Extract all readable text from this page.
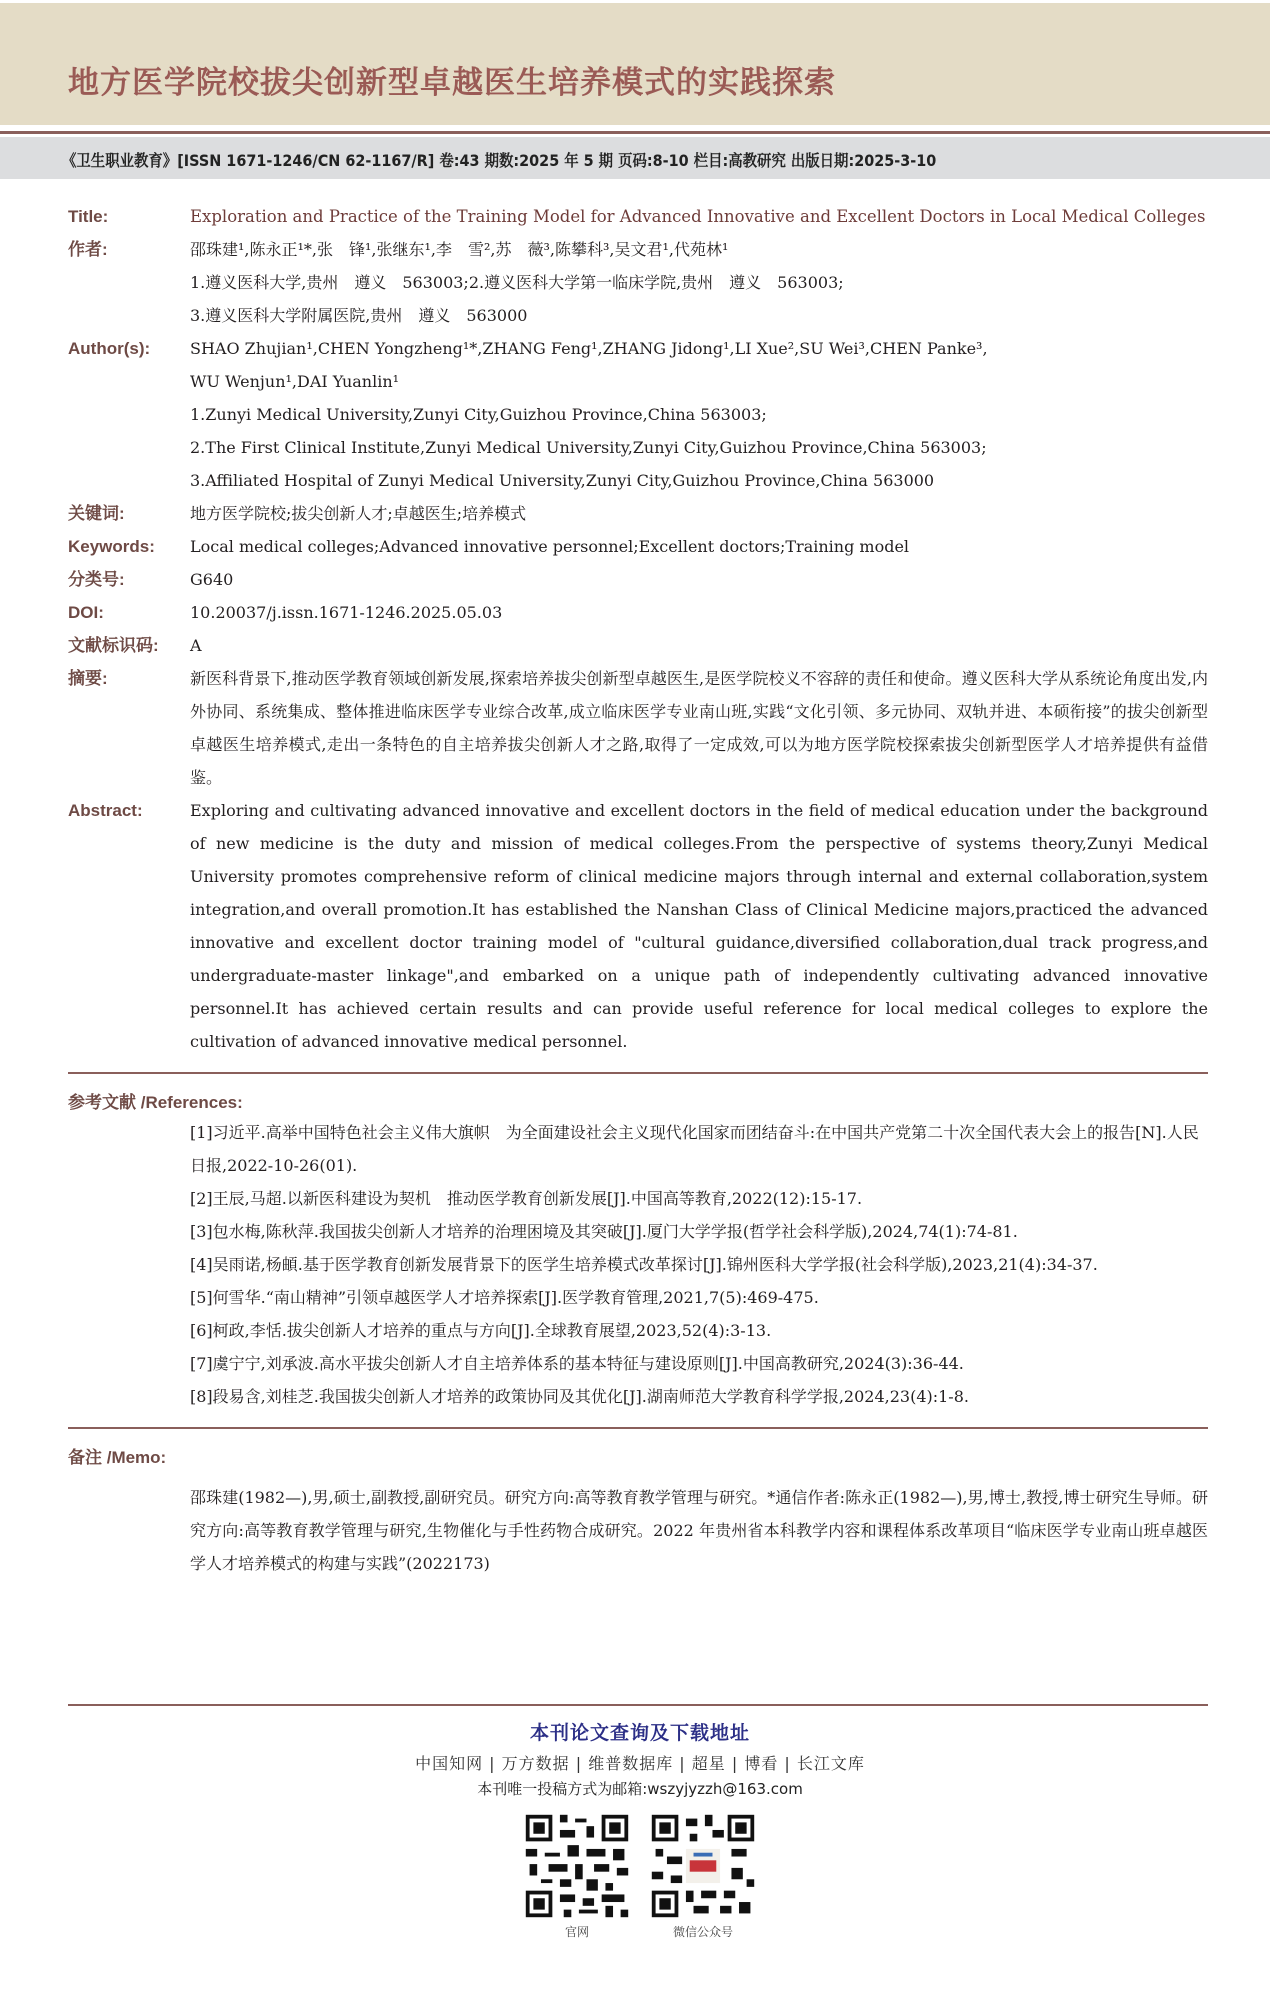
地方医学院校拔尖创新型卓越医生培养模式的实践探索
《卫生职业教育》[ISSN 1671-1246/CN 62-1167/R] 卷:43 期数:2025 年 5 期 页码:8-10 栏目:高教研究 出版日期:2025-3-10
Title:	Exploration and Practice of the Training Model for Advanced Innovative and Excellent Doctors in Local Medical Colleges
作者:	邵珠建¹,陈永正¹*,张　锋¹,张继东¹,李　雪²,苏　薇³,陈攀科³,吴文君¹,代苑林¹
1.遵义医科大学,贵州　遵义　563003;2.遵义医科大学第一临床学院,贵州　遵义　563003;
3.遵义医科大学附属医院,贵州　遵义　563000
Author(s):	SHAO Zhujian¹,CHEN Yongzheng¹*,ZHANG Feng¹,ZHANG Jidong¹,LI Xue²,SU Wei³,CHEN Panke³,
WU Wenjun¹,DAI Yuanlin¹
1.Zunyi Medical University,Zunyi City,Guizhou Province,China 563003;
2.The First Clinical Institute,Zunyi Medical University,Zunyi City,Guizhou Province,China 563003;
3.Affiliated Hospital of Zunyi Medical University,Zunyi City,Guizhou Province,China 563000
关键词:	地方医学院校;拔尖创新人才;卓越医生;培养模式
Keywords:	Local medical colleges;Advanced innovative personnel;Excellent doctors;Training model
分类号:	G640
DOI:	10.20037/j.issn.1671-1246.2025.05.03
文献标识码:	A
摘要:	新医科背景下,推动医学教育领域创新发展,探索培养拔尖创新型卓越医生,是医学院校义不容辞的责任和使命。遵义医科大学从系统论角度出发,内外协同、系统集成、整体推进临床医学专业综合改革,成立临床医学专业南山班,实践“文化引领、多元协同、双轨并进、本硕衔接”的拔尖创新型卓越医生培养模式,走出一条特色的自主培养拔尖创新人才之路,取得了一定成效,可以为地方医学院校探索拔尖创新型医学人才培养提供有益借鉴。
Abstract:	Exploring and cultivating advanced innovative and excellent doctors in the field of medical education under the background of new medicine is the duty and mission of medical colleges.From the perspective of systems theory,Zunyi Medical University promotes comprehensive reform of clinical medicine majors through internal and external collaboration,system integration,and overall promotion.It has established the Nanshan Class of Clinical Medicine majors,practiced the advanced innovative and excellent doctor training model of "cultural guidance,diversified collaboration,dual track progress,and undergraduate-master linkage",and embarked on a unique path of independently cultivating advanced innovative personnel.It has achieved certain results and can provide useful reference for local medical colleges to explore the cultivation of advanced innovative medical personnel.
参考文献 /References:
[1]习近平.高举中国特色社会主义伟大旗帜　为全面建设社会主义现代化国家而团结奋斗:在中国共产党第二十次全国代表大会上的报告[N].人民日报,2022-10-26(01).
[2]王辰,马超.以新医科建设为契机　推动医学教育创新发展[J].中国高等教育,2022(12):15-17.
[3]包水梅,陈秋萍.我国拔尖创新人才培养的治理困境及其突破[J].厦门大学学报(哲学社会科学版),2024,74(1):74-81.
[4]吴雨诺,杨頔.基于医学教育创新发展背景下的医学生培养模式改革探讨[J].锦州医科大学学报(社会科学版),2023,21(4):34-37.
[5]何雪华.“南山精神”引领卓越医学人才培养探索[J].医学教育管理,2021,7(5):469-475.
[6]柯政,李恬.拔尖创新人才培养的重点与方向[J].全球教育展望,2023,52(4):3-13.
[7]虞宁宁,刘承波.高水平拔尖创新人才自主培养体系的基本特征与建设原则[J].中国高教研究,2024(3):36-44.
[8]段易含,刘桂芝.我国拔尖创新人才培养的政策协同及其优化[J].湖南师范大学教育科学学报,2024,23(4):1-8.
备注 /Memo:
邵珠建(1982—),男,硕士,副教授,副研究员。研究方向:高等教育教学管理与研究。*通信作者:陈永正(1982—),男,博士,教授,博士研究生导师。研究方向:高等教育教学管理与研究,生物催化与手性药物合成研究。2022 年贵州省本科教学内容和课程体系改革项目“临床医学专业南山班卓越医学人才培养模式的构建与实践”(2022173)
本刊论文查询及下载地址
中国知网 | 万方数据 | 维普数据库 | 超星 | 博看 | 长江文库
本刊唯一投稿方式为邮箱:wszyjyzzh@163.com
官网	微信公众号
